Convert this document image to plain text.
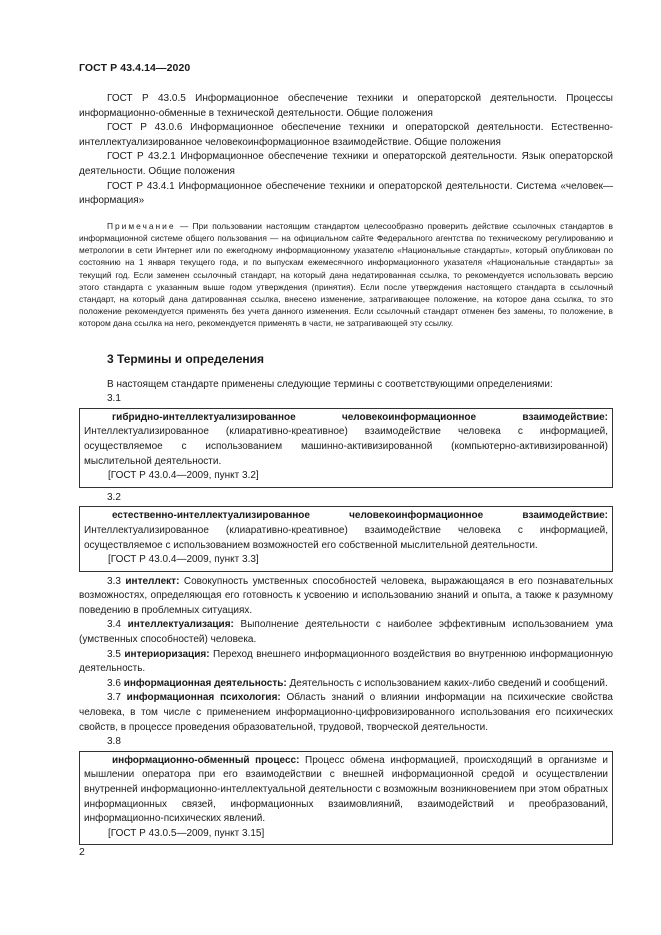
ГОСТ Р 43.4.14—2020

ГОСТ Р 43.0.5 Информационное обеспечение техники и операторской деятельности. Процессы информационно-обменные в технической деятельности. Общие положения

ГОСТ Р 43.0.6 Информационное обеспечение техники и операторской деятельности. Естественно-интеллектуализированное человекоинформационное взаимодействие. Общие положения

ГОСТ Р 43.2.1 Информационное обеспечение техники и операторской деятельности. Язык операторской деятельности. Общие положения

ГОСТ Р 43.4.1 Информационное обеспечение техники и операторской деятельности. Система «человек—информация»

Примечание — При пользовании настоящим стандартом целесообразно проверить действие ссылочных стандартов в информационной системе общего пользования — на официальном сайте Федерального агентства по техническому регулированию и метрологии в сети Интернет или по ежегодному информационному указателю «Национальные стандарты», который опубликован по состоянию на 1 января текущего года, и по выпускам ежемесячного информационного указателя «Национальные стандарты» за текущий год. Если заменен ссылочный стандарт, на который дана недатированная ссылка, то рекомендуется использовать версию этого стандарта с указанным выше годом утверждения (принятия). Если после утверждения настоящего стандарта в ссылочный стандарт, на который дана датированная ссылка, внесено изменение, затрагивающее положение, на которое дана ссылка, то это положение рекомендуется применять без учета данного изменения. Если ссылочный стандарт отменен без замены, то положение, в котором дана ссылка на него, рекомендуется применять в части, не затрагивающей эту ссылку.

3 Термины и определения

В настоящем стандарте применены следующие термины с соответствующими определениями:

3.1

гибридно-интеллектуализированное человекоинформационное взаимодействие: Интеллектуализированное (клиаративно-креативное) взаимодействие человека с информацией, осуществляемое с использованием машинно-активизированной (компьютерно-активизированной) мыслительной деятельности.

[ГОСТ Р 43.0.4—2009, пункт 3.2]

3.2

естественно-интеллектуализированное человекоинформационное взаимодействие: Интеллектуализированное (клиаративно-креативное) взаимодействие человека с информацией, осуществляемое с использованием возможностей его собственной мыслительной деятельности.

[ГОСТ Р 43.0.4—2009, пункт 3.3]

3.3 интеллект: Совокупность умственных способностей человека, выражающаяся в его познавательных возможностях, определяющая его готовность к усвоению и использованию знаний и опыта, а также к разумному поведению в проблемных ситуациях.

3.4 интеллектуализация: Выполнение деятельности с наиболее эффективным использованием ума (умственных способностей) человека.

3.5 интериоризация: Переход внешнего информационного воздействия во внутреннюю информационную деятельность.

3.6 информационная деятельность: Деятельность с использованием каких-либо сведений и сообщений.

3.7 информационная психология: Область знаний о влиянии информации на психические свойства человека, в том числе с применением информационно-цифровизированного использования его психических свойств, в процессе проведения образовательной, трудовой, творческой деятельности.

3.8

информационно-обменный процесс: Процесс обмена информацией, происходящий в организме и мышлении оператора при его взаимодействии с внешней информационной средой и осуществлении внутренней информационно-интеллектуальной деятельности с возможным возникновением при этом обратных информационных связей, информационных взаимовлияний, взаимодействий и преобразований, информационно-психических явлений.

[ГОСТ Р 43.0.5—2009, пункт 3.15]

2
